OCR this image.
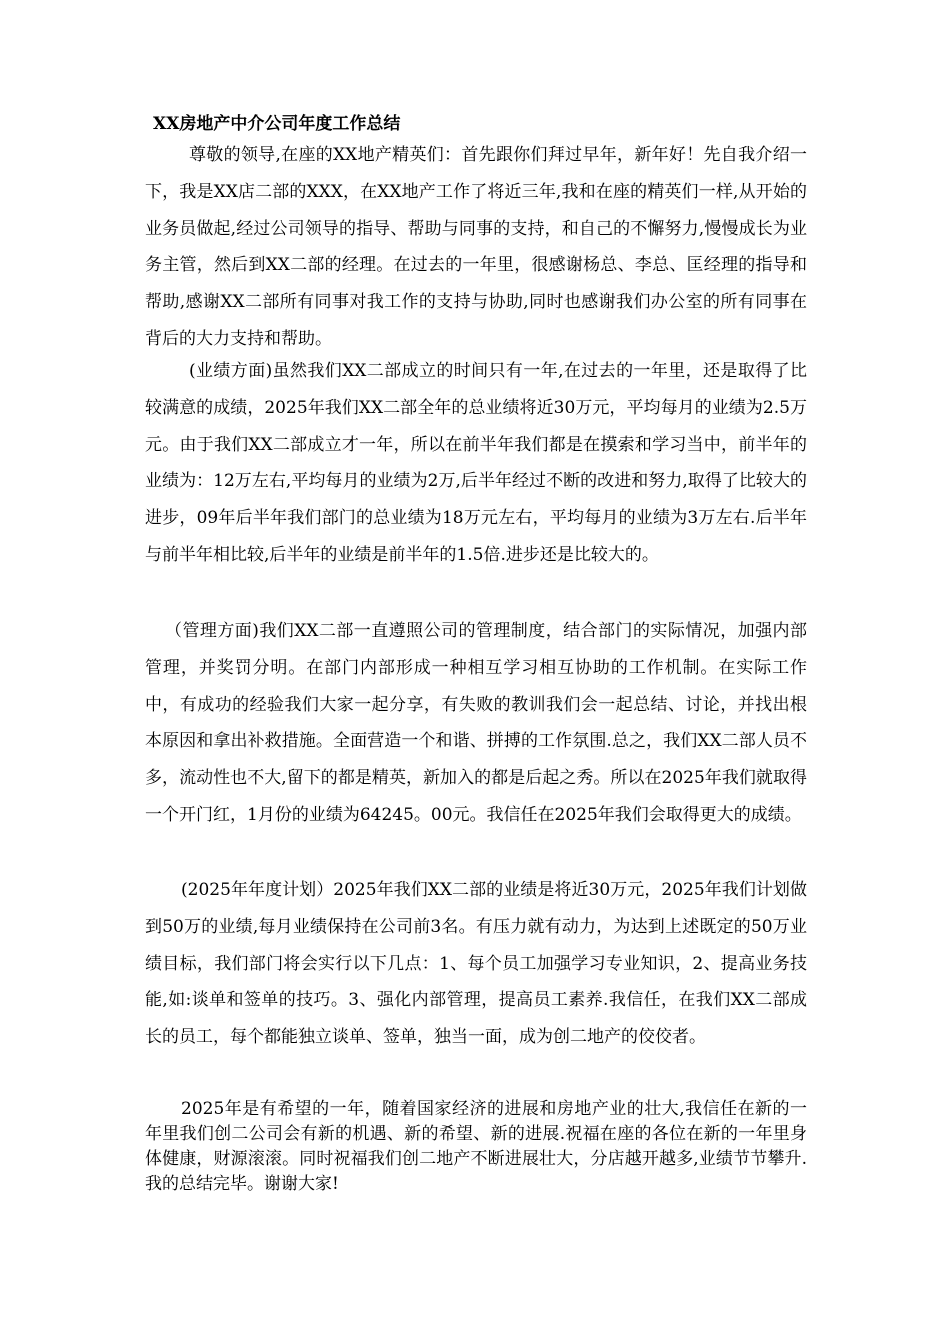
XX房地产中介公司年度工作总结

尊敬的领导,在座的XX地产精英们：首先跟你们拜过早年，新年好！先自我介绍一下，我是XX店二部的XXX，在XX地产工作了将近三年,我和在座的精英们一样,从开始的业务员做起,经过公司领导的指导、帮助与同事的支持，和自己的不懈努力,慢慢成长为业务主管，然后到XX二部的经理。在过去的一年里，很感谢杨总、李总、匡经理的指导和帮助,感谢XX二部所有同事对我工作的支持与协助,同时也感谢我们办公室的所有同事在背后的大力支持和帮助。

(业绩方面)虽然我们XX二部成立的时间只有一年,在过去的一年里，还是取得了比较满意的成绩，2025年我们XX二部全年的总业绩将近30万元，平均每月的业绩为2.5万元。由于我们XX二部成立才一年，所以在前半年我们都是在摸索和学习当中，前半年的业绩为：12万左右,平均每月的业绩为2万,后半年经过不断的改进和努力,取得了比较大的进步，09年后半年我们部门的总业绩为18万元左右，平均每月的业绩为3万左右.后半年与前半年相比较,后半年的业绩是前半年的1.5倍.进步还是比较大的。

（管理方面)我们XX二部一直遵照公司的管理制度，结合部门的实际情况，加强内部管理，并奖罚分明。在部门内部形成一种相互学习相互协助的工作机制。在实际工作中，有成功的经验我们大家一起分享，有失败的教训我们会一起总结、讨论，并找出根本原因和拿出补救措施。全面营造一个和谐、拼搏的工作氛围.总之，我们XX二部人员不多，流动性也不大,留下的都是精英，新加入的都是后起之秀。所以在2025年我们就取得一个开门红，1月份的业绩为64245。00元。我信任在2025年我们会取得更大的成绩。

(2025年年度计划）2025年我们XX二部的业绩是将近30万元，2025年我们计划做到50万的业绩,每月业绩保持在公司前3名。有压力就有动力，为达到上述既定的50万业绩目标，我们部门将会实行以下几点：1、每个员工加强学习专业知识，2、提高业务技能,如:谈单和签单的技巧。3、强化内部管理，提高员工素养.我信任，在我们XX二部成长的员工，每个都能独立谈单、签单，独当一面，成为创二地产的佼佼者。

2025年是有希望的一年，随着国家经济的进展和房地产业的壮大,我信任在新的一年里我们创二公司会有新的机遇、新的希望、新的进展.祝福在座的各位在新的一年里身体健康，财源滚滚。同时祝福我们创二地产不断进展壮大，分店越开越多,业绩节节攀升.我的总结完毕。谢谢大家!
